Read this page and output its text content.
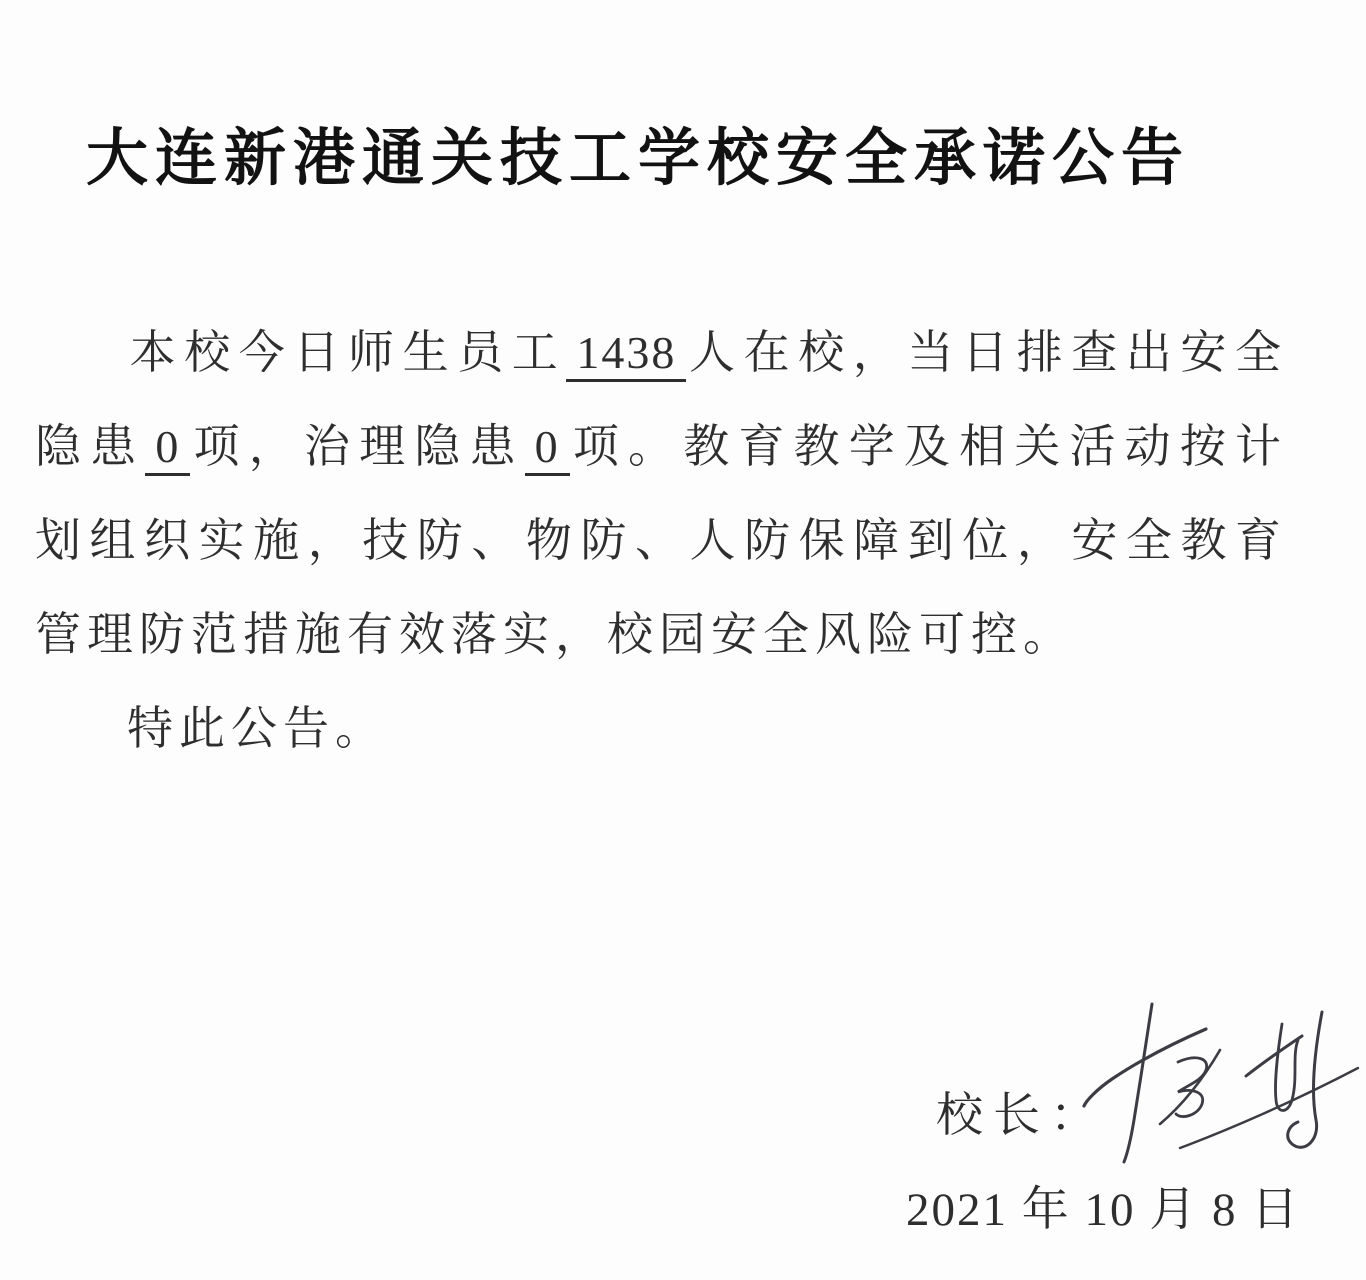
大连新港通关技工学校安全承诺公告
本校今日师生员工 1438 人在校，当日排查出安全
隐患 0 项，治理隐患 0 项。教育教学及相关活动按计
划组织实施，技防、物防、人防保障到位，安全教育
管理防范措施有效落实，校园安全风险可控。
特此公告。
校长：
2021 年 10 月 8 日
